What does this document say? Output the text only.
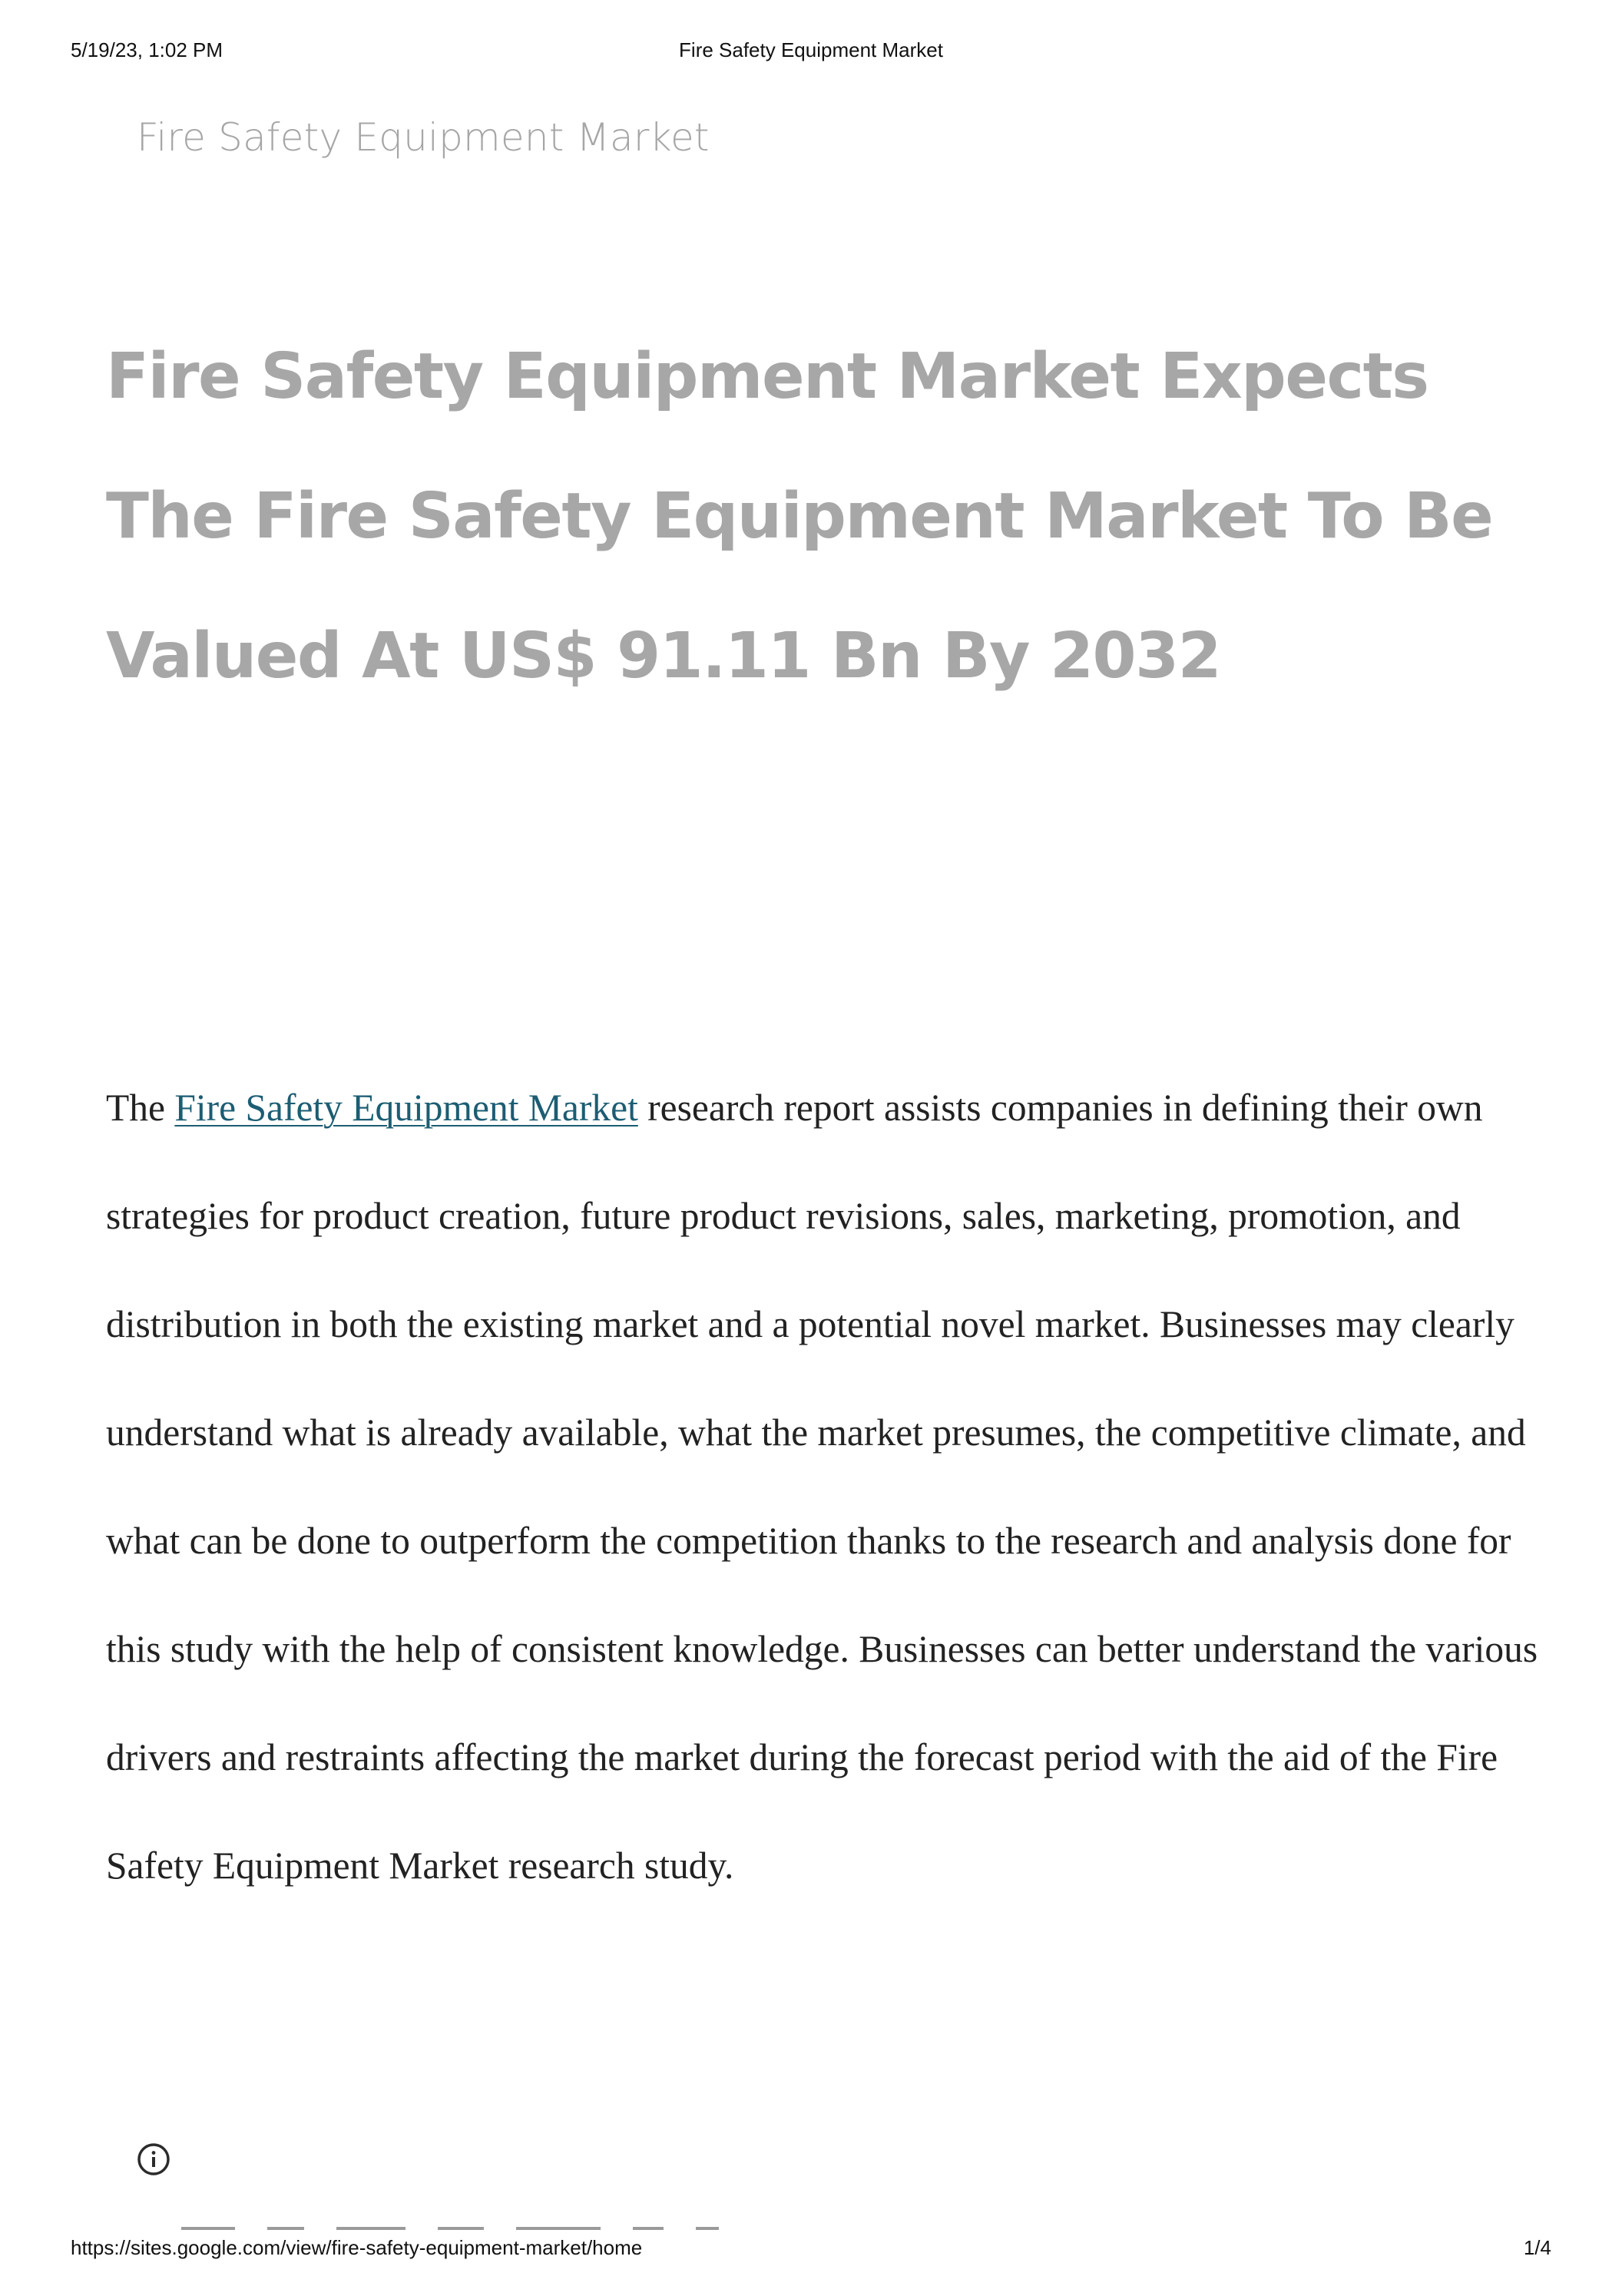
5/19/23, 1:02 PM	Fire Safety Equipment Market
Fire Safety Equipment Market
Fire Safety Equipment Market Expects The Fire Safety Equipment Market To Be Valued At US$ 91.11 Bn By 2032

The Fire Safety Equipment Market research report assists companies in defining their own strategies for product creation, future product revisions, sales, marketing, promotion, and distribution in both the existing market and a potential novel market. Businesses may clearly understand what is already available, what the market presumes, the competitive climate, and what can be done to outperform the competition thanks to the research and analysis done for this study with the help of consistent knowledge. Businesses can better understand the various drivers and restraints affecting the market during the forecast period with the aid of the Fire Safety Equipment Market research study.

https://sites.google.com/view/fire-safety-equipment-market/home	1/4
